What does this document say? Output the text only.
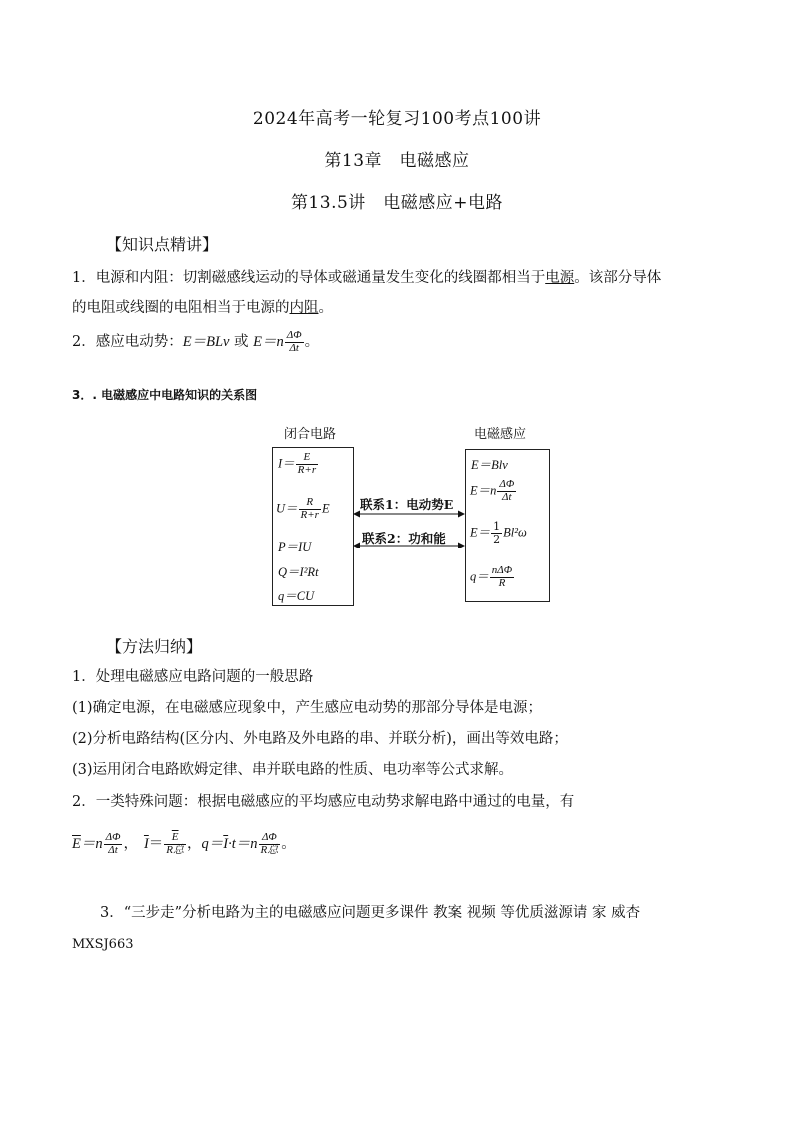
2024年高考一轮复习100考点100讲
第13章　电磁感应
第13.5讲　电磁感应+电路
【知识点精讲】
1．电源和内阻：切割磁感线运动的导体或磁通量发生变化的线圈都相当于电源。该部分导体
的电阻或线圈的电阻相当于电源的内阻。
2．感应电动势：E＝BLv 或 $E=n \frac{\Delta\Phi}{\Delta t}$ 。
3．. 电磁感应中电路知识的关系图
闭合电路	电磁感应
$I= \frac{E}{R+r}$
$U= \frac{R}{R+r}$ E
P＝IU
Q＝I²Rt
q＝CU
E＝Blv
$E=n \frac{\Delta\Phi}{\Delta t}$
$E= \frac{1}{2} Bl^2\omega$
$q= \frac{\text{nΔΦ}}{R}$
联系1：电动势E
联系2：功和能
【方法归纳】
1．处理电磁感应电路问题的一般思路
(1)确定电源，在电磁感应现象中，产生感应电动势的那部分导体是电源；
(2)分析电路结构(区分内、外电路及外电路的串、并联分析)，画出等效电路；
(3)运用闭合电路欧姆定律、串并联电路的性质、电功率等公式求解。
2．一类特殊问题：根据电磁感应的平均感应电动势求解电路中通过的电量，有
$\overline{E}=n \frac{\Delta\Phi}{\Delta t}$ ， $\overline{I}= \frac{\overline{E}}{\text{R总}}$ ，$q=\overline{I}\cdot t=n \frac{\Delta\Phi}{\text{R总}}$ 。
3．“三步走”分析电路为主的电磁感应问题更多课件 教案 视频 等优质滋源请 家 威杏
MXSJ663
